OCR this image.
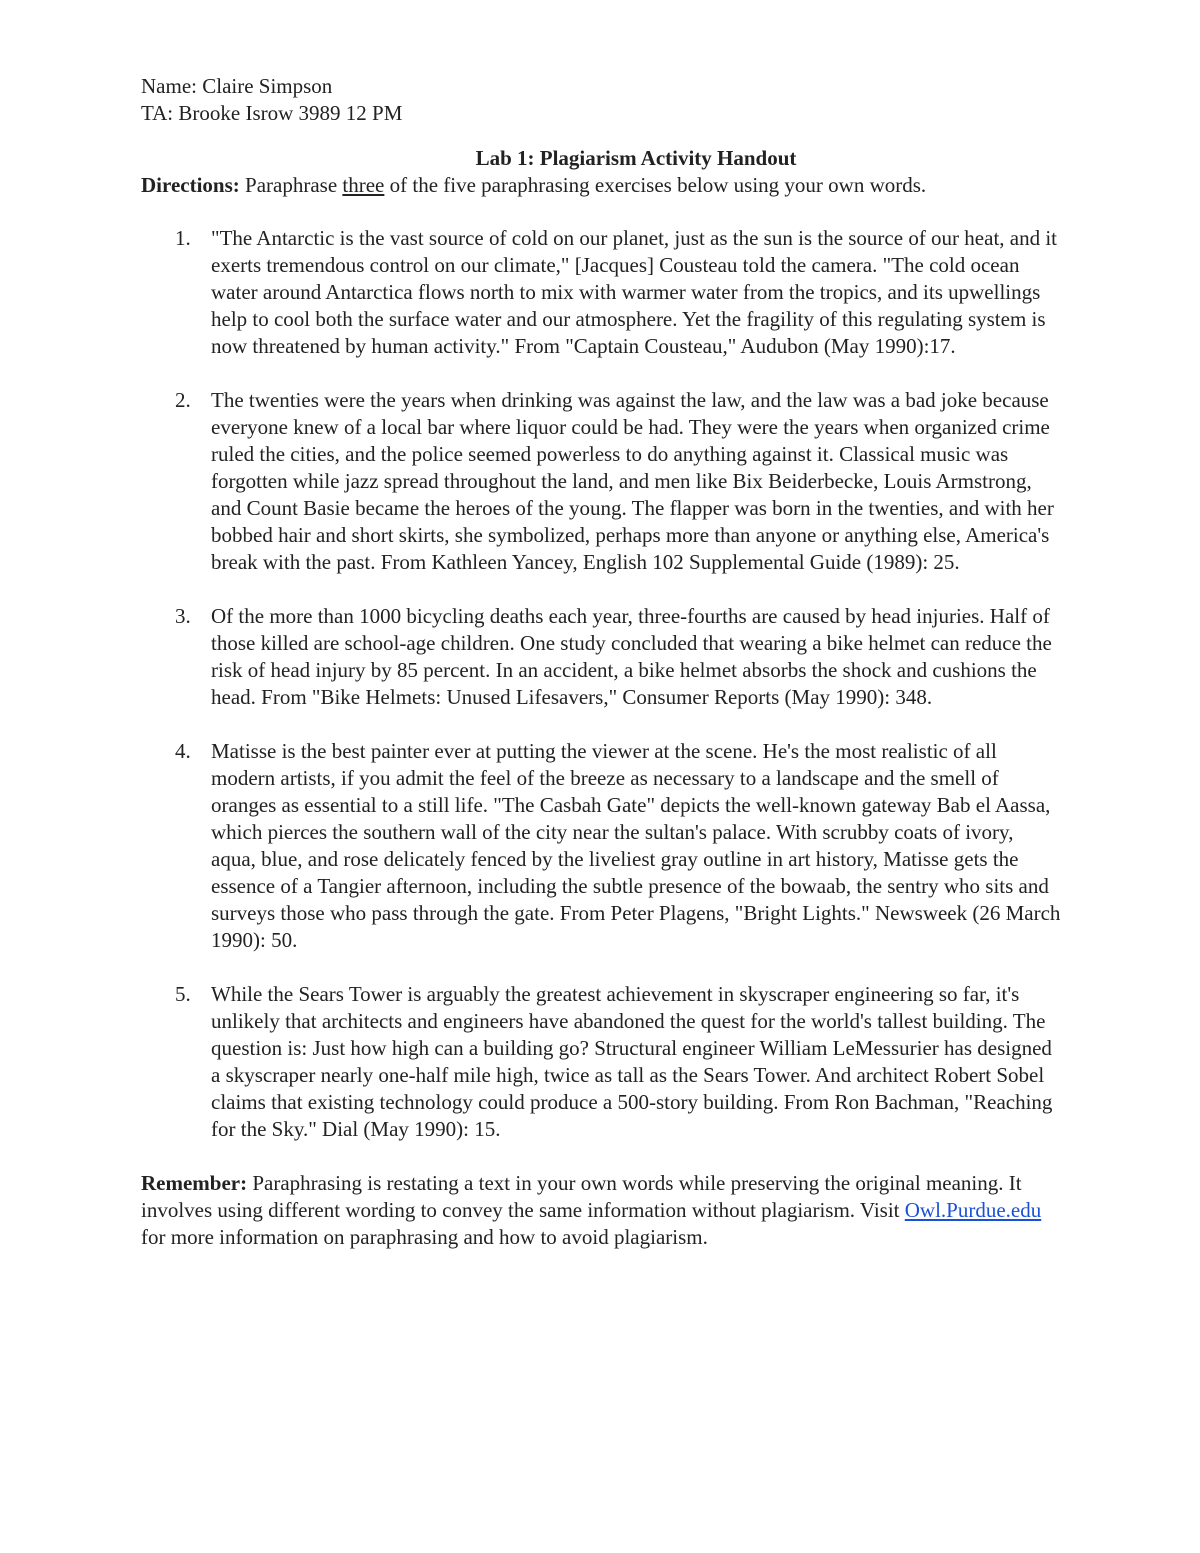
Name: Claire Simpson

TA: Brooke Isrow 3989 12 PM

Lab 1: Plagiarism Activity Handout

Directions: Paraphrase three of the five paraphrasing exercises below using your own words.

1. "The Antarctic is the vast source of cold on our planet, just as the sun is the source of our heat, and it exerts tremendous control on our climate," [Jacques] Cousteau told the camera. "The cold ocean water around Antarctica flows north to mix with warmer water from the tropics, and its upwellings help to cool both the surface water and our atmosphere. Yet the fragility of this regulating system is now threatened by human activity." From "Captain Cousteau," Audubon (May 1990):17.
2. The twenties were the years when drinking was against the law, and the law was a bad joke because everyone knew of a local bar where liquor could be had. They were the years when organized crime ruled the cities, and the police seemed powerless to do anything against it. Classical music was forgotten while jazz spread throughout the land, and men like Bix Beiderbecke, Louis Armstrong, and Count Basie became the heroes of the young. The flapper was born in the twenties, and with her bobbed hair and short skirts, she symbolized, perhaps more than anyone or anything else, America's break with the past. From Kathleen Yancey, English 102 Supplemental Guide (1989): 25.
3. Of the more than 1000 bicycling deaths each year, three-fourths are caused by head injuries. Half of those killed are school-age children. One study concluded that wearing a bike helmet can reduce the risk of head injury by 85 percent. In an accident, a bike helmet absorbs the shock and cushions the head. From "Bike Helmets: Unused Lifesavers," Consumer Reports (May 1990): 348.
4. Matisse is the best painter ever at putting the viewer at the scene. He's the most realistic of all modern artists, if you admit the feel of the breeze as necessary to a landscape and the smell of oranges as essential to a still life. "The Casbah Gate" depicts the well-known gateway Bab el Aassa, which pierces the southern wall of the city near the sultan's palace. With scrubby coats of ivory, aqua, blue, and rose delicately fenced by the liveliest gray outline in art history, Matisse gets the essence of a Tangier afternoon, including the subtle presence of the bowaab, the sentry who sits and surveys those who pass through the gate. From Peter Plagens, "Bright Lights." Newsweek (26 March 1990): 50.
5. While the Sears Tower is arguably the greatest achievement in skyscraper engineering so far, it's unlikely that architects and engineers have abandoned the quest for the world's tallest building. The question is: Just how high can a building go? Structural engineer William LeMessurier has designed a skyscraper nearly one-half mile high, twice as tall as the Sears Tower. And architect Robert Sobel claims that existing technology could produce a 500-story building. From Ron Bachman, "Reaching for the Sky." Dial (May 1990): 15.

Remember: Paraphrasing is restating a text in your own words while preserving the original meaning. It involves using different wording to convey the same information without plagiarism. Visit Owl.Purdue.edu for more information on paraphrasing and how to avoid plagiarism.
